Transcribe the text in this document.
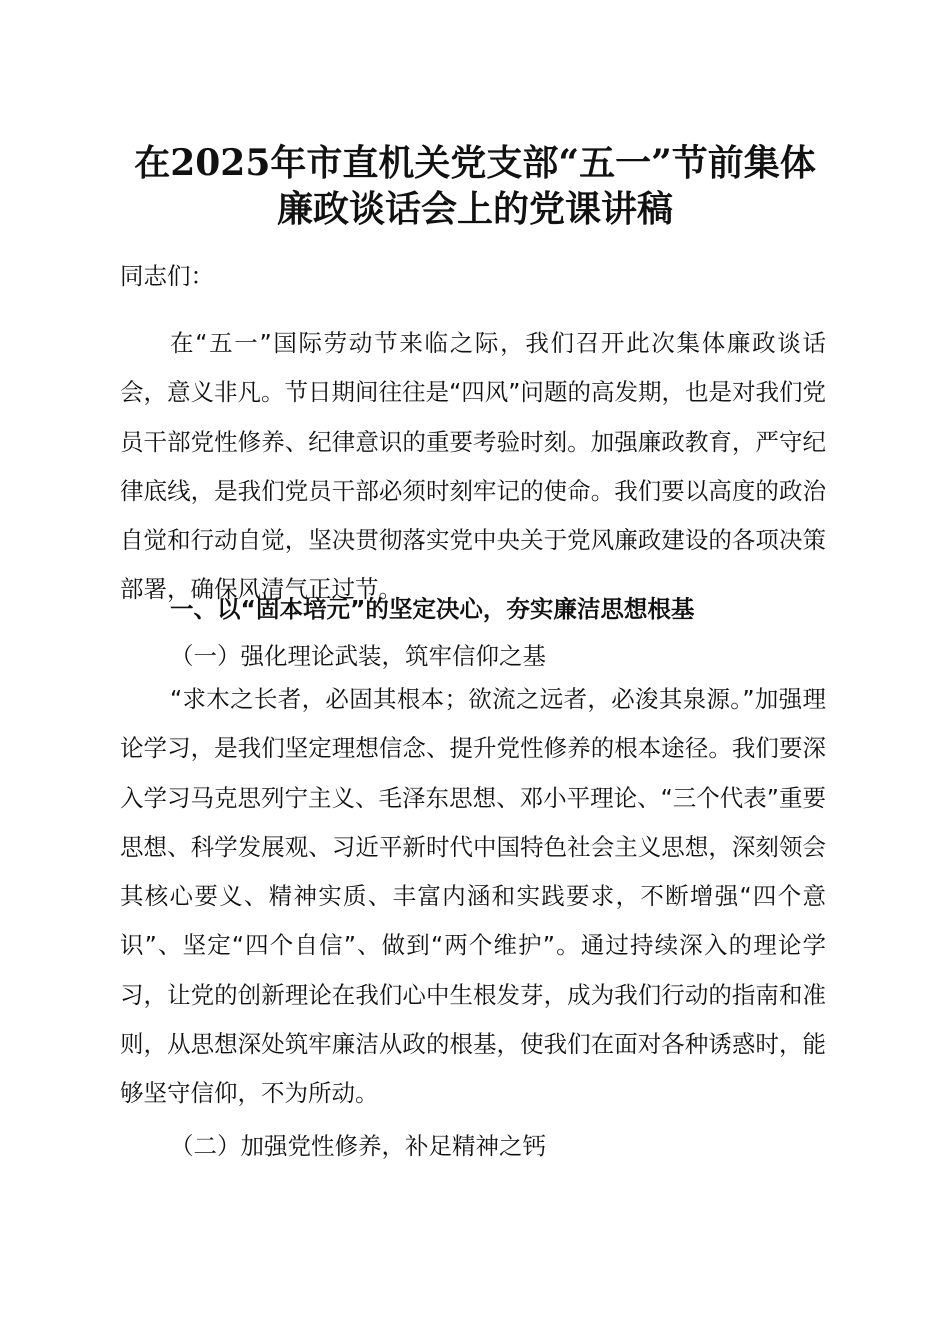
在2025年市直机关党支部“五一”节前集体
廉政谈话会上的党课讲稿

同志们：

在“五一”国际劳动节来临之际，我们召开此次集体廉政谈话会，意义非凡。节日期间往往是“四风”问题的高发期，也是对我们党员干部党性修养、纪律意识的重要考验时刻。加强廉政教育，严守纪律底线，是我们党员干部必须时刻牢记的使命。我们要以高度的政治自觉和行动自觉，坚决贯彻落实党中央关于党风廉政建设的各项决策部署，确保风清气正过节。

一、以“固本培元”的坚定决心，夯实廉洁思想根基

（一）强化理论武装，筑牢信仰之基

“求木之长者，必固其根本；欲流之远者，必浚其泉源。”加强理论学习，是我们坚定理想信念、提升党性修养的根本途径。我们要深入学习马克思列宁主义、毛泽东思想、邓小平理论、“三个代表”重要思想、科学发展观、习近平新时代中国特色社会主义思想，深刻领会其核心要义、精神实质、丰富内涵和实践要求，不断增强“四个意识”、坚定“四个自信”、做到“两个维护”。通过持续深入的理论学习，让党的创新理论在我们心中生根发芽，成为我们行动的指南和准则，从思想深处筑牢廉洁从政的根基，使我们在面对各种诱惑时，能够坚守信仰，不为所动。

（二）加强党性修养，补足精神之钙
